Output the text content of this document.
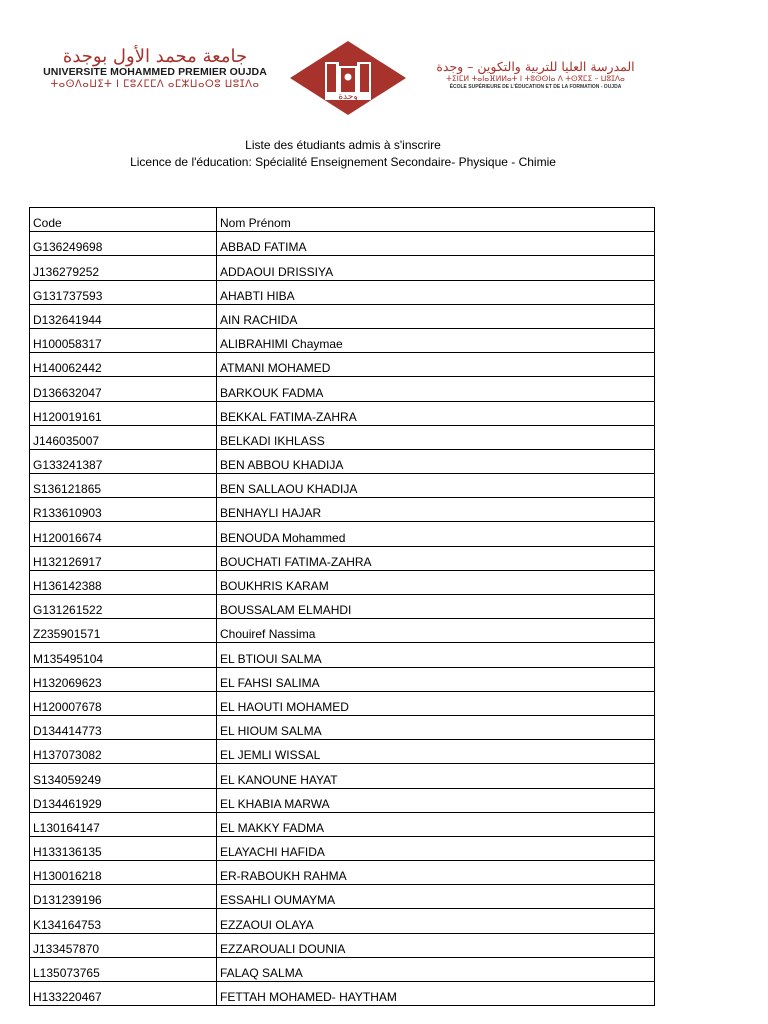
جامعة محمد الأول بوجدة
UNIVERSITE MOHAMMED PREMIER OUJDA
ⵜⴰⵙⴷⴰⵡⵉⵜ ⵏ ⵎⵓⵃⵎⵎⴷ ⴰⵎⵣⵡⴰⵔⵓ ⵡⵓⵊⴷⴰ
وجدة
المدرسة العليا للتربية والتكوين – وجدة
ⵜⵉⵏⵎⵍ ⵜⴰⵏⴰⴼⵍⵍⴰⵜ ⵏ ⵜⵓⵙⵙⵏⴰ ⴷ ⵜⵙⴳⵎⵉ – ⵡⵓⵊⴷⴰ
ÉCOLE SUPÉRIEURE DE L'ÉDUCATION ET DE LA FORMATION - OUJDA
Liste des étudiants admis à s'inscrire
Licence de l'éducation: Spécialité Enseignement Secondaire- Physique - Chimie
Code	Nom Prénom
G136249698	ABBAD FATIMA
J136279252	ADDAOUI DRISSIYA
G131737593	AHABTI HIBA
D132641944	AIN RACHIDA
H100058317	ALIBRAHIMI Chaymae
H140062442	ATMANI MOHAMED
D136632047	BARKOUK FADMA
H120019161	BEKKAL FATIMA-ZAHRA
J146035007	BELKADI IKHLASS
G133241387	BEN ABBOU KHADIJA
S136121865	BEN SALLAOU KHADIJA
R133610903	BENHAYLI HAJAR
H120016674	BENOUDA Mohammed
H132126917	BOUCHATI FATIMA-ZAHRA
H136142388	BOUKHRIS KARAM
G131261522	BOUSSALAM ELMAHDI
Z235901571	Chouiref Nassima
M135495104	EL BTIOUI SALMA
H132069623	EL FAHSI SALIMA
H120007678	EL HAOUTI MOHAMED
D134414773	EL HIOUM SALMA
H137073082	EL JEMLI WISSAL
S134059249	EL KANOUNE HAYAT
D134461929	EL KHABIA MARWA
L130164147	EL MAKKY FADMA
H133136135	ELAYACHI HAFIDA
H130016218	ER-RABOUKH RAHMA
D131239196	ESSAHLI OUMAYMA
K134164753	EZZAOUI OLAYA
J133457870	EZZAROUALI DOUNIA
L135073765	FALAQ SALMA
H133220467	FETTAH MOHAMED- HAYTHAM
